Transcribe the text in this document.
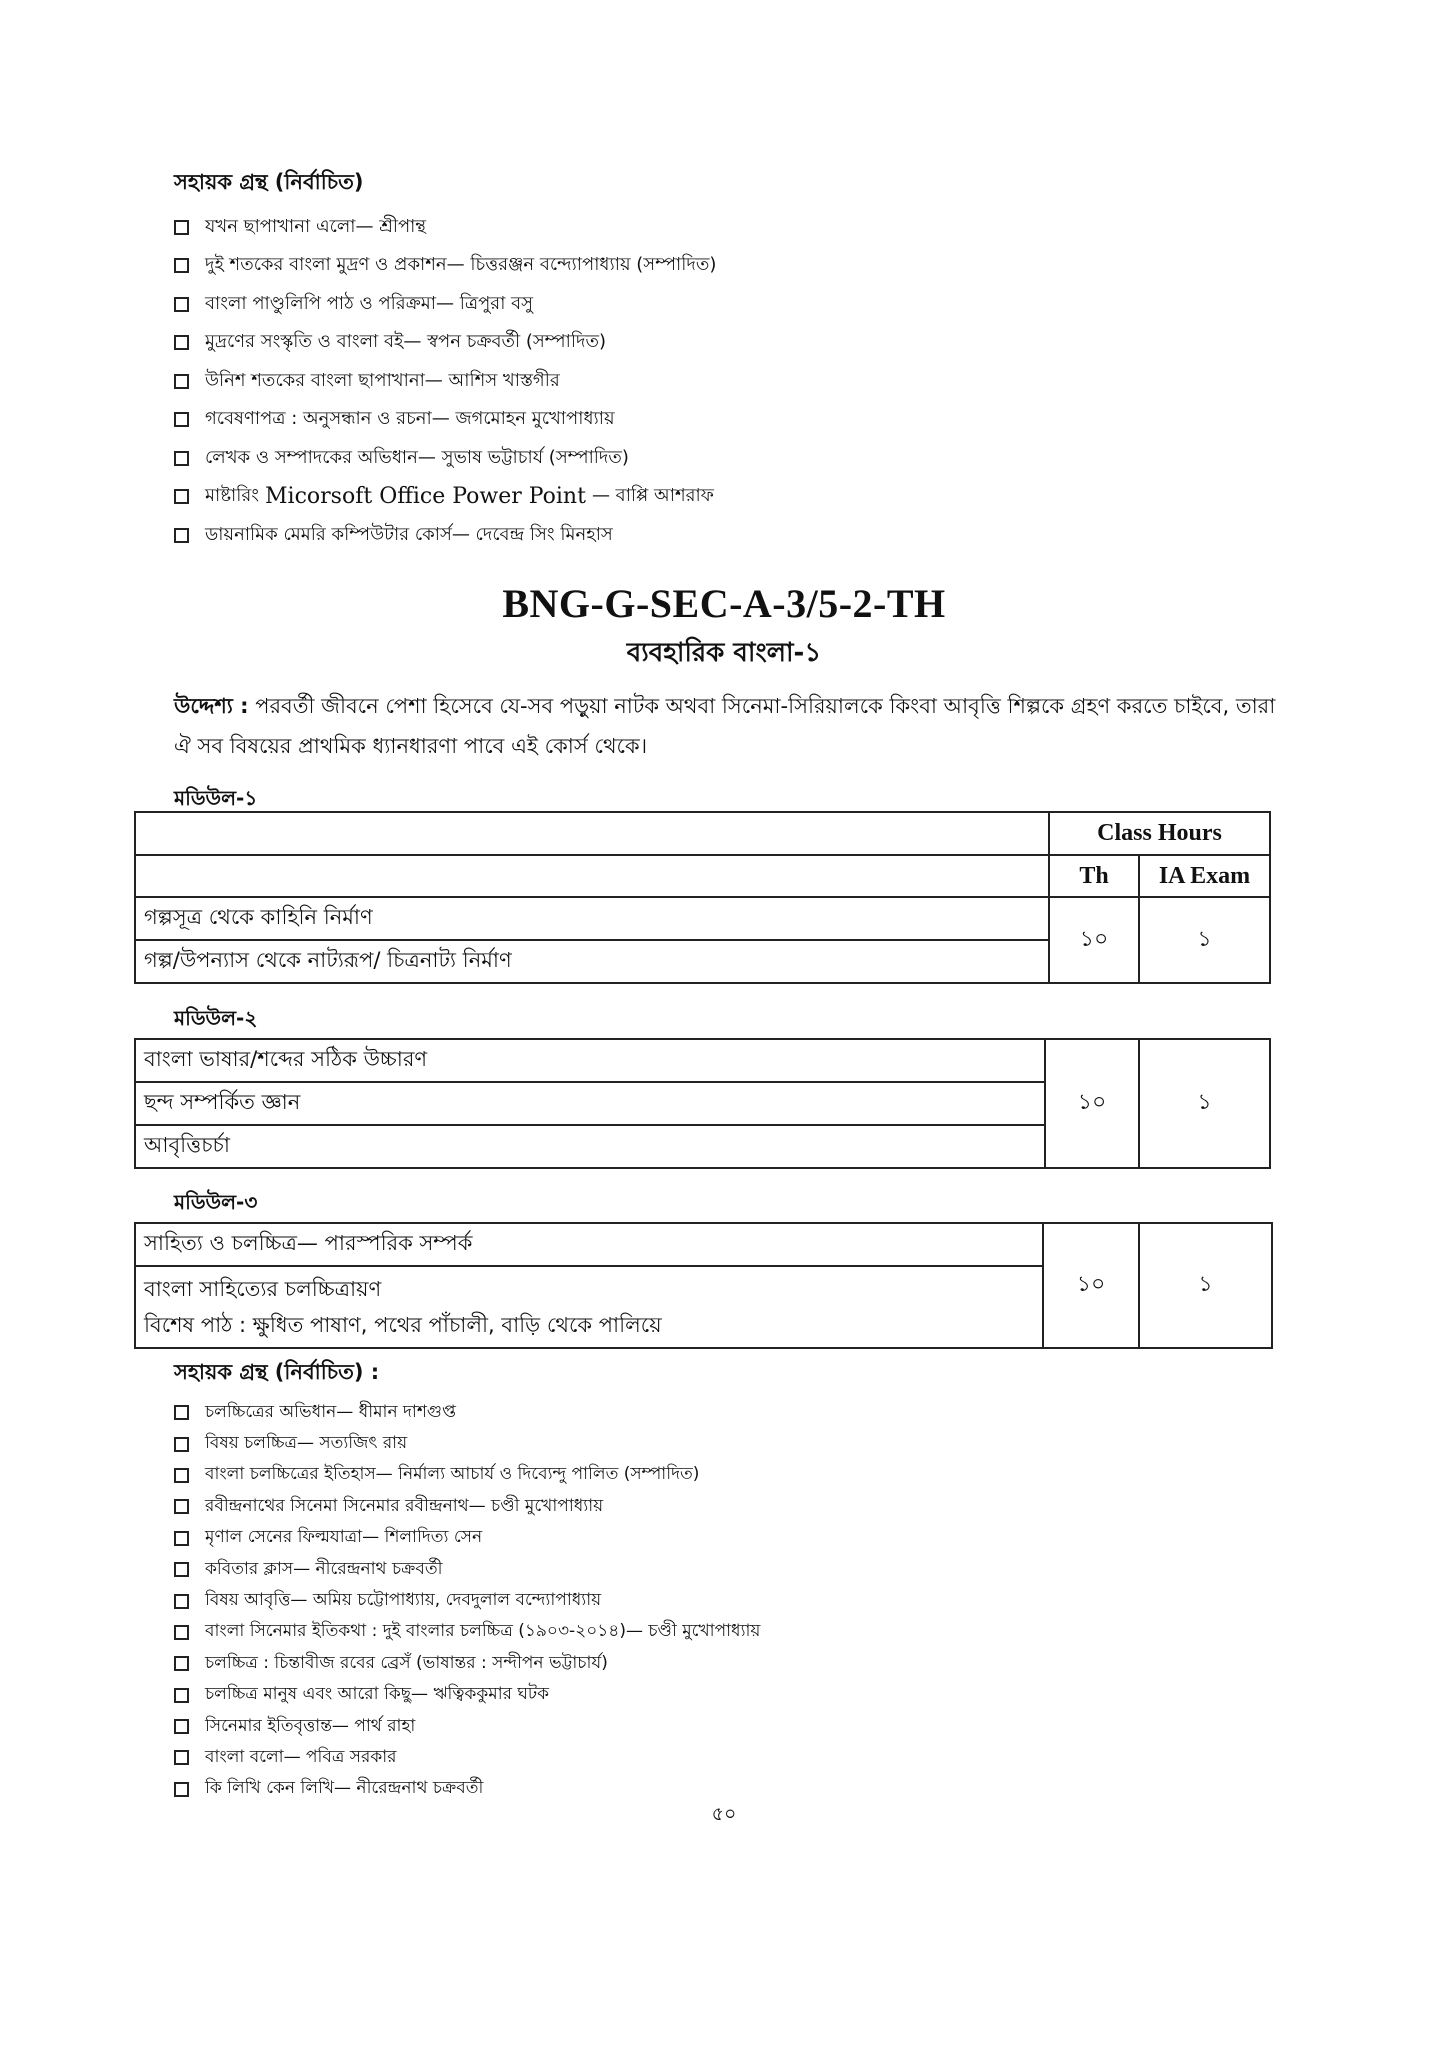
সহায়ক গ্রন্থ (নির্বাচিত)
যখন ছাপাখানা এলো— শ্রীপান্থ
দুই শতকের বাংলা মুদ্রণ ও প্রকাশন— চিত্তরঞ্জন বন্দ্যোপাধ্যায় (সম্পাদিত)
বাংলা পাণ্ডুলিপি পাঠ ও পরিক্রমা— ত্রিপুরা বসু
মুদ্রণের সংস্কৃতি ও বাংলা বই— স্বপন চক্রবর্তী (সম্পাদিত)
উনিশ শতকের বাংলা ছাপাখানা— আশিস খাস্তগীর
গবেষণাপত্র : অনুসন্ধান ও রচনা— জগমোহন মুখোপাধ্যায়
লেখক ও সম্পাদকের অভিধান— সুভাষ ভট্টাচার্য (সম্পাদিত)
মাষ্টারিং Micorsoft Office Power Point — বাপ্পি আশরাফ
ডায়নামিক মেমরি কম্পিউটার কোর্স— দেবেন্দ্র সিং মিনহাস
BNG-G-SEC-A-3/5-2-TH
ব্যবহারিক বাংলা-১

উদ্দেশ্য : পরবর্তী জীবনে পেশা হিসেবে যে-সব পড়ুয়া নাটক অথবা সিনেমা-সিরিয়ালকে কিংবা আবৃত্তি শিল্পকে গ্রহণ করতে চাইবে, তারা ঐ সব বিষয়ের প্রাথমিক ধ্যানধারণা পাবে এই কোর্স থেকে।

মডিউল-১
	Class Hours	
	Th	IA Exam
গল্পসূত্র থেকে কাহিনি নির্মাণ	১০	১
গল্প/উপন্যাস থেকে নাট্যরূপ/ চিত্রনাট্য নির্মাণ		
মডিউল-২
বাংলা ভাষার/শব্দের সঠিক উচ্চারণ	১০	১
ছন্দ সম্পর্কিত জ্ঞান
আবৃত্তিচর্চা
মডিউল-৩
সাহিত্য ও চলচ্চিত্র— পারস্পরিক সম্পর্ক	১০	১

বাংলা সাহিত্যের চলচ্চিত্রায়ণ
বিশেষ পাঠ : ক্ষুধিত পাষাণ, পথের পাঁচালী, বাড়ি থেকে পালিয়ে
সহায়ক গ্রন্থ (নির্বাচিত) :
চলচ্চিত্রের অভিধান— ধীমান দাশগুপ্ত
বিষয় চলচ্চিত্র— সত্যজিৎ রায়
বাংলা চলচ্চিত্রের ইতিহাস— নির্মাল্য আচার্য ও দিব্যেন্দু পালিত (সম্পাদিত)
রবীন্দ্রনাথের সিনেমা সিনেমার রবীন্দ্রনাথ— চণ্ডী মুখোপাধ্যায়
মৃণাল সেনের ফিল্মযাত্রা— শিলাদিত্য সেন
কবিতার ক্লাস— নীরেন্দ্রনাথ চক্রবর্তী
বিষয় আবৃত্তি— অমিয় চট্টোপাধ্যায়, দেবদুলাল বন্দ্যোপাধ্যায়
বাংলা সিনেমার ইতিকথা : দুই বাংলার চলচ্চিত্র (১৯০৩-২০১৪)— চণ্ডী মুখোপাধ্যায়
চলচ্চিত্র : চিন্তাবীজ রবের ব্রেসঁ (ভাষান্তর : সন্দীপন ভট্টাচার্য)
চলচ্চিত্র মানুষ এবং আরো কিছু— ঋত্বিককুমার ঘটক
সিনেমার ইতিবৃত্তান্ত— পার্থ রাহা
বাংলা বলো— পবিত্র সরকার
কি লিখি কেন লিখি— নীরেন্দ্রনাথ চক্রবর্তী
৫০
